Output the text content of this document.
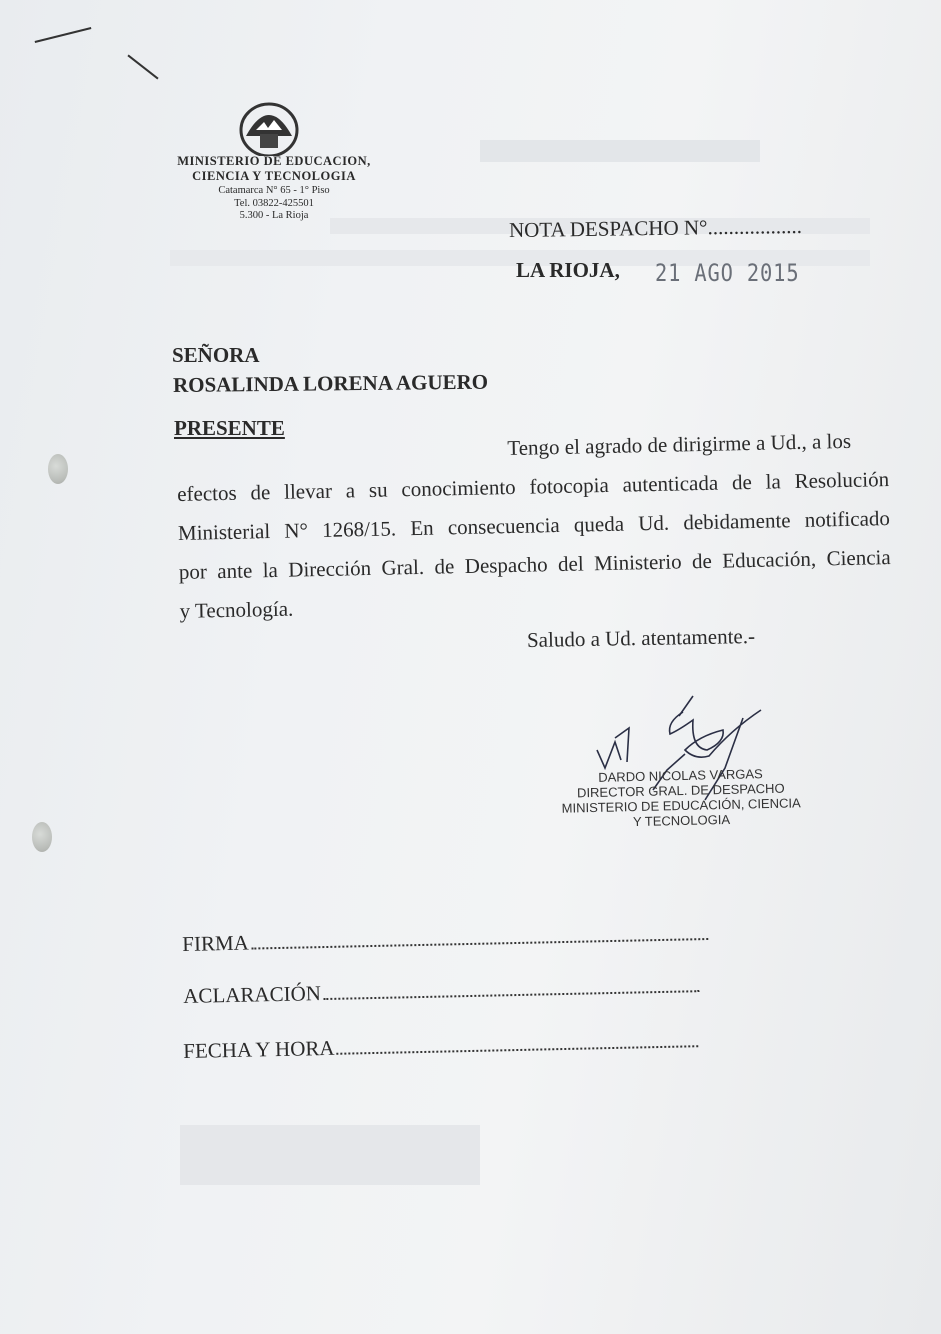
MINISTERIO DE EDUCACION,
CIENCIA Y TECNOLOGIA
Catamarca N° 65 - 1° Piso
Tel. 03822-425501
5.300 - La Rioja	NOTA DESPACHO N°..................
LA RIOJA, 21 AGO 2015
SEÑORA
ROSALINDA LORENA AGUERO
PRESENTE
Tengo el agrado de dirigirme a Ud., a los
efectos de llevar a su conocimiento fotocopia autenticada de la Resolución
Ministerial N° 1268/15. En consecuencia queda Ud. debidamente notificado
por ante la Dirección Gral. de Despacho del Ministerio de Educación, Ciencia
y Tecnología.
Saludo a Ud. atentamente.-
DARDO NICOLAS VARGAS
DIRECTOR GRAL. DE DESPACHO
MINISTERIO DE EDUCACIÓN, CIENCIA
Y TECNOLOGIA
FIRMA
ACLARACIÓN
FECHA Y HORA
